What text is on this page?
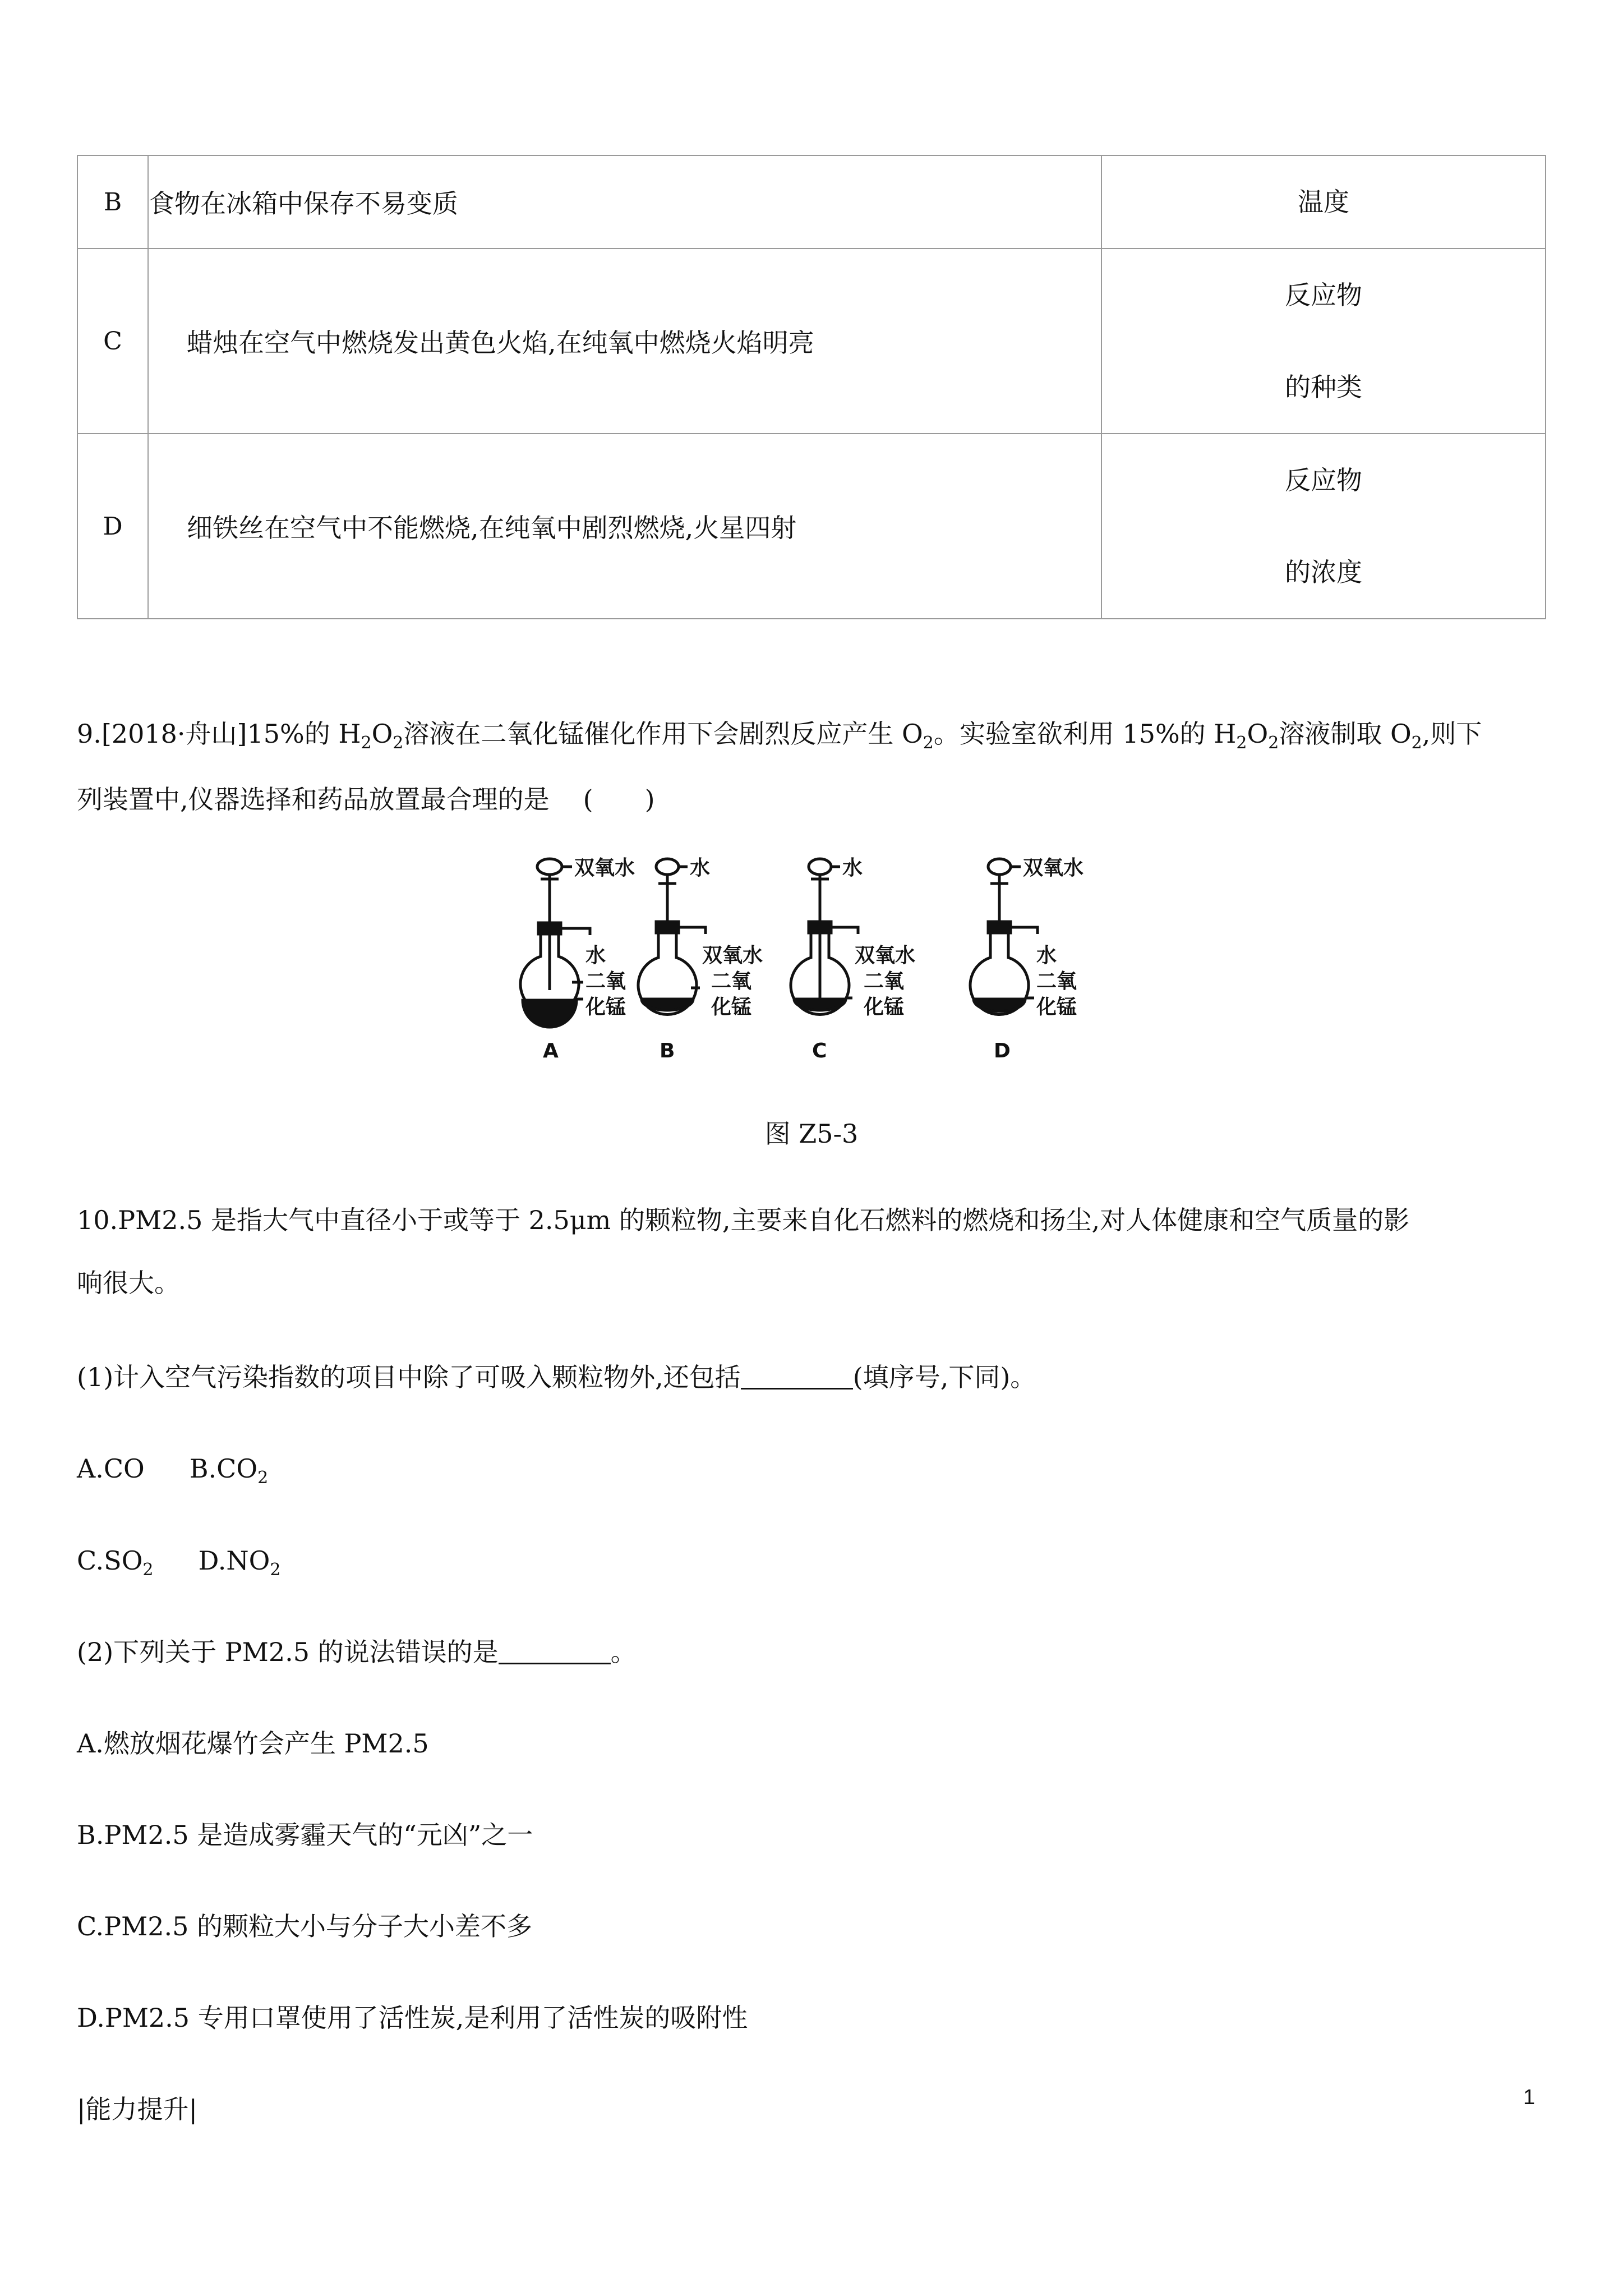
B	食物在冰箱中保存不易变质	温度
C	蜡烛在空气中燃烧发出黄色火焰,在纯氧中燃烧火焰明亮	反应物
的种类

D	细铁丝在空气中不能燃烧,在纯氧中剧烈燃烧,火星四射	反应物
的浓度
9.[2018·舟山]15%的 $H_2O_2$溶液在二氧化锰催化作用下会剧烈反应产生 $O_2$。实验室欲利用 15%的 $H_2O_2$溶液制取 $O_2$,则下
列装置中,仪器选择和药品放置最合理的是 (　　)
双氧水
水
二氧
化锰
水
双氧水
二氧
化锰
水
双氧水
二氧
化锰
双氧水
水
二氧
化锰
A	B	C	D
图 Z5-3
10.PM2.5 是指大气中直径小于或等于 2.5μm 的颗粒物,主要来自化石燃料的燃烧和扬尘,对人体健康和空气质量的影
响很大。
(1)计入空气污染指数的项目中除了可吸入颗粒物外,还包括	(填序号,下同)。
A.CO $B.CO_2$
$C.SO_2$ $D.NO_2$
(2)下列关于 PM2.5 的说法错误的是	。
A.燃放烟花爆竹会产生 PM2.5
B.PM2.5 是造成雾霾天气的“元凶”之一
C.PM2.5 的颗粒大小与分子大小差不多
D.PM2.5 专用口罩使用了活性炭,是利用了活性炭的吸附性
|能力提升|	1
